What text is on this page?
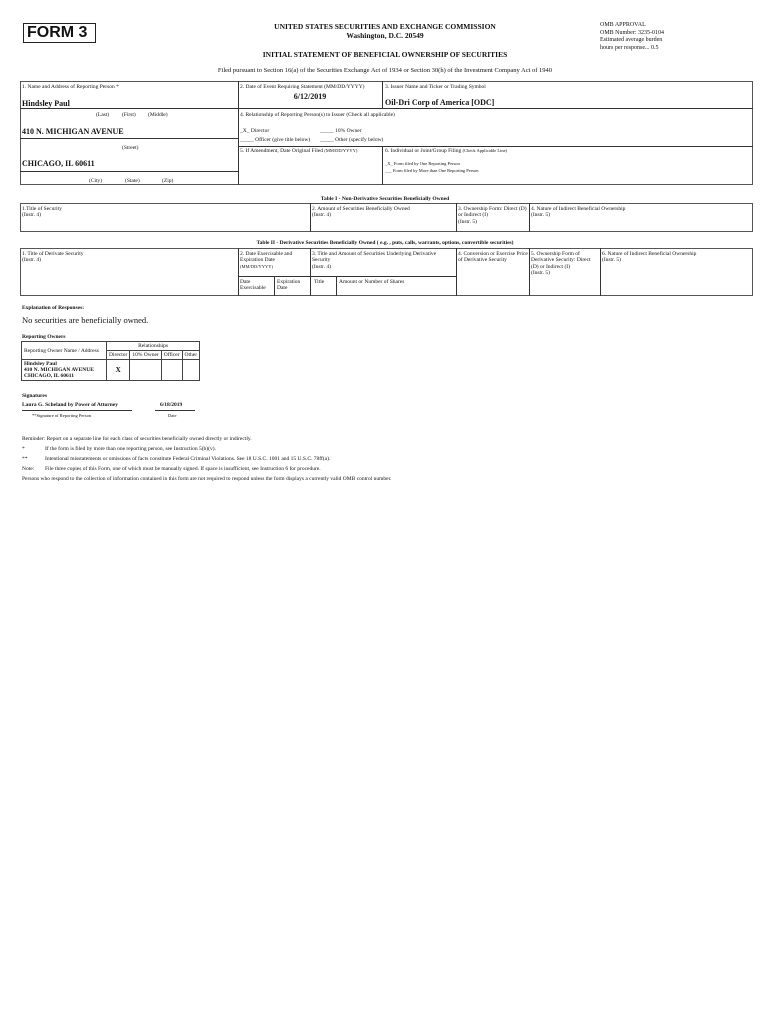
FORM 3	UNITED STATES SECURITIES AND EXCHANGE COMMISSION
Washington, D.C. 20549
INITIAL STATEMENT OF BENEFICIAL OWNERSHIP OF SECURITIES
OMB APPROVAL
OMB Number: 3235-0104
Estimated average burden
hours per response... 0.5
Filed pursuant to Section 16(a) of the Securities Exchange Act of 1934 or Section 30(h) of the Investment Company Act of 1940
1. Name and Address of Reporting Person *
Hindsley Paul
(Last) (First) (Middle)
410 N. MICHIGAN AVENUE
(Street)
CHICAGO, IL 60611
(City)	(State)	(Zip)
2. Date of Event Requiring Statement (MM/DD/YYYY)
6/12/2019
3. Issuer Name and Ticker or Trading Symbol
Oil-Dri Corp of America [ODC]
4. Relationship of Reporting Person(s) to Issuer (Check all applicable)
_X_ Director	_____ 10% Owner
_____ Officer (give title below) _____ Other (specify below)
5. If Amendment, Date Original Filed (MM/DD/YYYY)	6. Individual or Joint/Group Filing (Check Applicable Line)
_X_ Form filed by One Reporting Person
___ Form filed by More than One Reporting Person
Table I - Non-Derivative Securities Beneficially Owned
1.Title of Security
(Instr. 4)
2. Amount of Securities Beneficially Owned
(Instr. 4)
3. Ownership Form: Direct (D) or Indirect (I)
(Instr. 5)
4. Nature of Indirect Beneficial Ownership
(Instr. 5)
Table II - Derivative Securities Beneficially Owned ( e.g. , puts, calls, warrants, options, convertible securities)
1. Title of Derivate Security
(Instr. 4)
2. Date Exercisable and Expiration Date
(MM/DD/YYYY)
3. Title and Amount of Securities Underlying Derivative Security
(Instr. 4)
4. Conversion or Exercise Price of Derivative Security
5. Ownership Form of Derivative Security: Direct (D) or Indirect (I)
(Instr. 5)
6. Nature of Indirect Beneficial Ownership
(Instr. 5)
Date Exercisable
Expiration Date
Title	Amount or Number of Shares
Explanation of Responses:
No securities are beneficially owned.
Reporting Owners
Reporting Owner Name / Address	Relationships			
	Director	10% Owner	Officer	Other

Hindsley Paul
410 N. MICHIGAN AVENUE
CHICAGO, IL 60611	X			
Signatures
Laura G. Scheland by Power of Attorney	6/18/2019
**Signature of Reporting Person	Date
Reminder: Report on a separate line for each class of securities beneficially owned directly or indirectly.
*	If the form is filed by more than one reporting person, see Instruction 5(b)(v).
**	Intentional misstatements or omissions of facts constitute Federal Criminal Violations. See 18 U.S.C. 1001 and 15 U.S.C. 78ff(a).
Note: File three copies of this Form, one of which must be manually signed. If space is insufficient, see Instruction 6 for procedure.
Persons who respond to the collection of information contained in this form are not required to respond unless the form displays a currently valid OMB control number.
